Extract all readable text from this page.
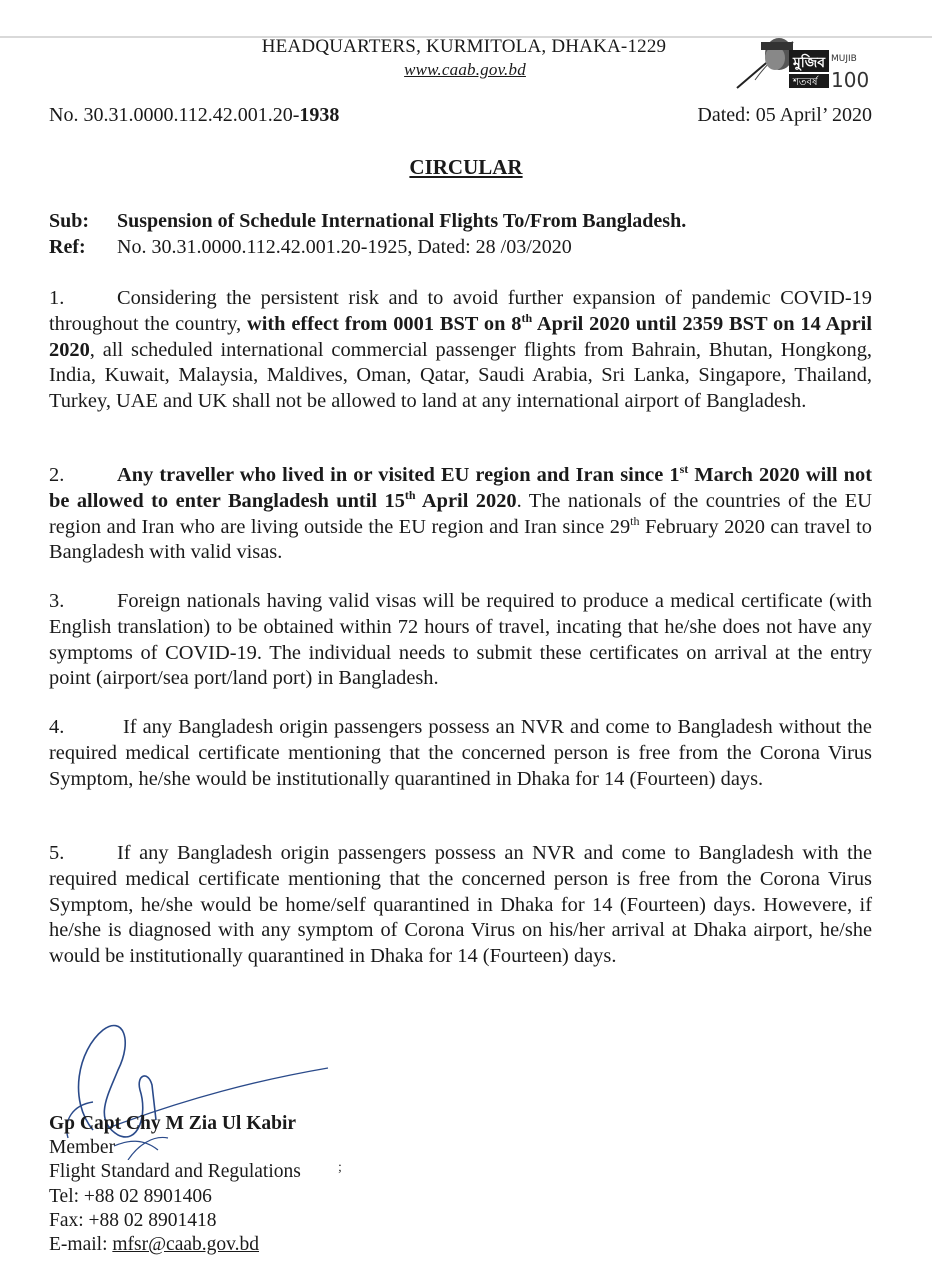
HEADQUARTERS, KURMITOLA, DHAKA-1229
www.caab.gov.bd	মুজিব MUJIB
শতবর্ষ 100
No. 30.31.0000.112.42.001.20-1938	Dated: 05 April’ 2020
CIRCULAR
Sub:	Suspension of Schedule International Flights To/From Bangladesh.
Ref:	No. 30.31.0000.112.42.001.20-1925, Dated: 28 /03/2020

1.	Considering the persistent risk and to avoid further expansion of pandemic COVID-19 throughout the country, with effect from 0001 BST on 8th April 2020 until 2359 BST on 14 April 2020, all scheduled international commercial passenger flights from Bahrain, Bhutan, Hongkong, India, Kuwait, Malaysia, Maldives, Oman, Qatar, Saudi Arabia, Sri Lanka, Singapore, Thailand, Turkey, UAE and UK shall not be allowed to land at any international airport of Bangladesh.

2.	Any traveller who lived in or visited EU region and Iran since 1st March 2020 will not be allowed to enter Bangladesh until 15th April 2020. The nationals of the countries of the EU region and Iran who are living outside the EU region and Iran since 29th February 2020 can travel to Bangladesh with valid visas.

3.	Foreign nationals having valid visas will be required to produce a medical certificate (with English translation) to be obtained within 72 hours of travel, incating that he/she does not have any symptoms of COVID-19. The individual needs to submit these certificates on arrival at the entry point (airport/sea port/land port) in Bangladesh.

4.	If any Bangladesh origin passengers possess an NVR and come to Bangladesh without the required medical certificate mentioning that the concerned person is free from the Corona Virus Symptom, he/she would be institutionally quarantined in Dhaka for 14 (Fourteen) days.

5.	If any Bangladesh origin passengers possess an NVR and come to Bangladesh with the required medical certificate mentioning that the concerned person is free from the Corona Virus Symptom, he/she would be home/self quarantined in Dhaka for 14 (Fourteen) days. Howevere, if he/she is diagnosed with any symptom of Corona Virus on his/her arrival at Dhaka airport, he/she would be institutionally quarantined in Dhaka for 14 (Fourteen) days.

Gp Capt Chy M Zia Ul Kabir
Member
Flight Standard and Regulations
Tel: +88 02 8901406
Fax: +88 02 8901418
E-mail: mfsr@caab.gov.bd
;
